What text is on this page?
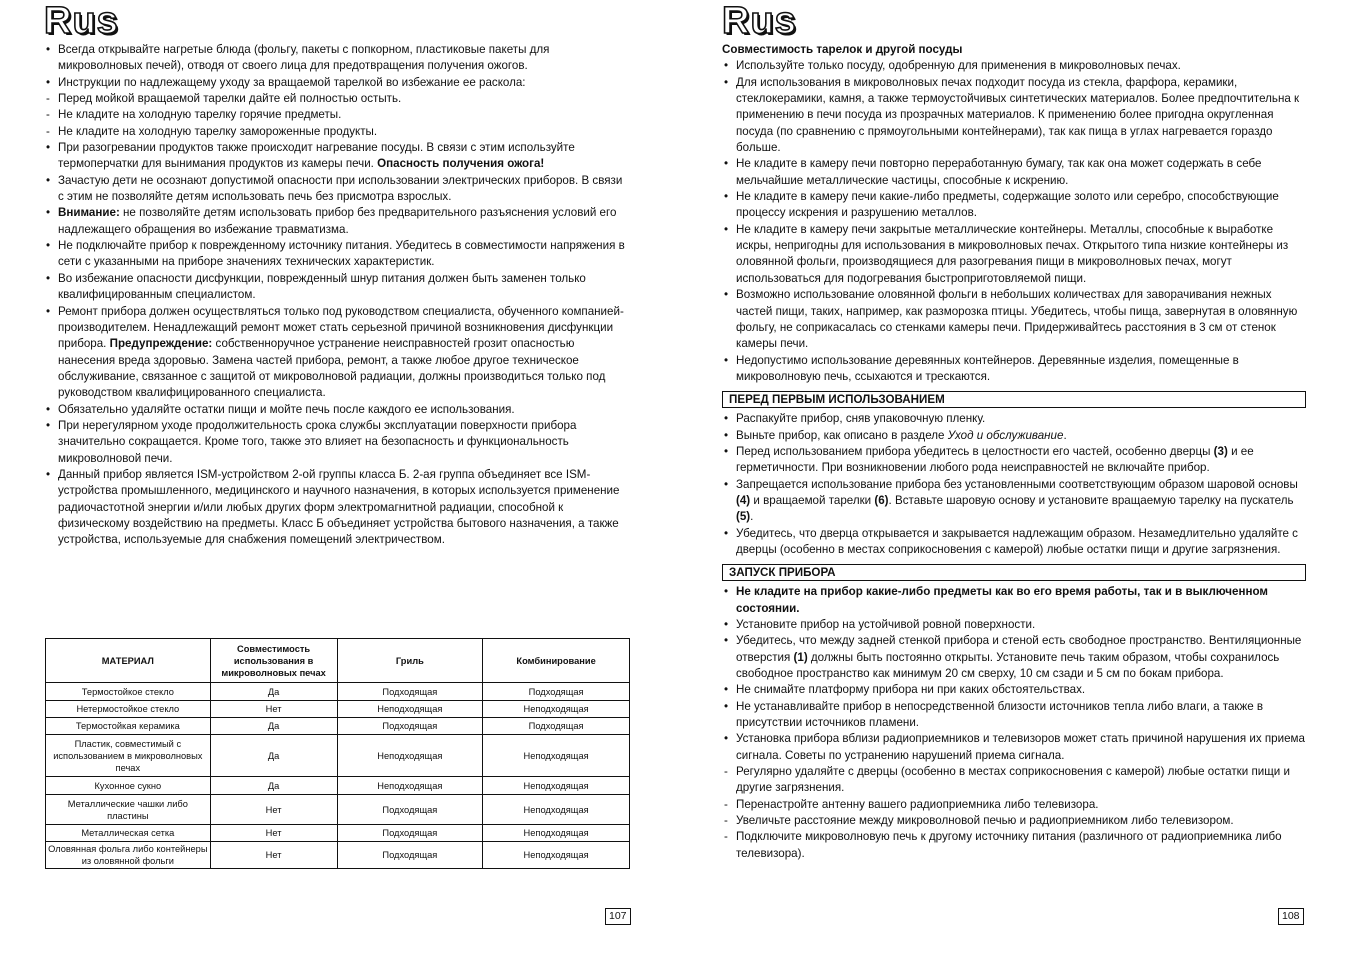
Rus

• Всегда открывайте нагретые блюда (фольгу, пакеты с попкорном, пластиковые пакеты для микроволновых печей), отводя от своего лица для предотвращения получения ожогов.

• Инструкции по надлежащему уходу за вращаемой тарелкой во избежание ее раскола:

- Перед мойкой вращаемой тарелки дайте ей полностью остыть.

- Не кладите на холодную тарелку горячие предметы.

- Не кладите на холодную тарелку замороженные продукты.

• При разогревании продуктов также происходит нагревание посуды. В связи с этим используйте термоперчатки для вынимания продуктов из камеры печи. Опасность получения ожога!

• Зачастую дети не осознают допустимой опасности при использовании электрических приборов. В связи с этим не позволяйте детям использовать печь без присмотра взрослых.

• Внимание: не позволяйте детям использовать прибор без предварительного разъяснения условий его надлежащего обращения во избежание травматизма.

• Не подключайте прибор к поврежденному источнику питания. Убедитесь в совместимости напряжения в сети с указанными на приборе значениях технических характеристик.

• Во избежание опасности дисфункции, поврежденный шнур питания должен быть заменен только квалифицированным специалистом.

• Ремонт прибора должен осуществляться только под руководством специалиста, обученного компанией-производителем. Ненадлежащий ремонт может стать серьезной причиной возникновения дисфункции прибора. Предупреждение: собственноручное устранение неисправностей грозит опасностью нанесения вреда здоровью. Замена частей прибора, ремонт, а также любое другое техническое обслуживание, связанное с защитой от микроволновой радиации, должны производиться только под руководством квалифицированного специалиста.

• Обязательно удаляйте остатки пищи и мойте печь после каждого ее использования.

• При нерегулярном уходе продолжительность срока службы эксплуатации поверхности прибора значительно сокращается. Кроме того, также это влияет на безопасность и функциональность микроволновой печи.

• Данный прибор является ISM-устройством 2-ой группы класса Б. 2-ая группа объединяет все ISM-устройства промышленного, медицинского и научного назначения, в которых используется применение радиочастотной энергии и/или любых других форм электромагнитной радиации, способной к физическому воздействию на предметы. Класс Б объединяет устройства бытового назначения, а также устройства, используемые для снабжения помещений электричеством.

МАТЕРИАЛ	Совместимость использования в микроволновых печах	Гриль	Комбинирование
Термостойкое стекло	Да	Подходящая	Подходящая
Нетермостойкое стекло	Нет	Неподходящая	Неподходящая
Термостойкая керамика	Да	Подходящая	Подходящая
Пластик, совместимый с использованием в микроволновых печах	Да	Неподходящая	Неподходящая
Кухонное сукно	Да	Неподходящая	Неподходящая
Металлические чашки либо пластины	Нет	Подходящая	Неподходящая
Металлическая сетка	Нет	Подходящая	Неподходящая
Оловянная фольга либо контейнеры из оловянной фольги	Нет	Подходящая	Неподходящая
107
Rus
Совместимость тарелок и другой посуды

• Используйте только посуду, одобренную для применения в микроволновых печах.

• Для использования в микроволновых печах подходит посуда из стекла, фарфора, керамики, стеклокерамики, камня, а также термоустойчивых синтетических материалов. Более предпочтительна к применению в печи посуда из прозрачных материалов. К применению более пригодна округленная посуда (по сравнению с прямоугольными контейнерами), так как пища в углах нагревается гораздо больше.

• Не кладите в камеру печи повторно переработанную бумагу, так как она может содержать в себе мельчайшие металлические частицы, способные к искрению.

• Не кладите в камеру печи какие-либо предметы, содержащие золото или серебро, способствующие процессу искрения и разрушению металлов.

• Не кладите в камеру печи закрытые металлические контейнеры. Металлы, способные к выработке искры, непригодны для использования в микроволновых печах. Открытого типа низкие контейнеры из оловянной фольги, производящиеся для разогревания пищи в микроволновых печах, могут использоваться для подогревания быстроприготовляемой пищи.

• Возможно использование оловянной фольги в небольших количествах для заворачивания нежных частей пищи, таких, например, как разморозка птицы. Убедитесь, чтобы пища, завернутая в оловянную фольгу, не соприкасалась со стенками камеры печи. Придерживайтесь расстояния в 3 см от стенок камеры печи.

• Недопустимо использование деревянных контейнеров. Деревянные изделия, помещенные в микроволновую печь, ссыхаются и трескаются.

ПЕРЕД ПЕРВЫМ ИСПОЛЬЗОВАНИЕМ

• Распакуйте прибор, сняв упаковочную пленку.

• Выньте прибор, как описано в разделе Уход и обслуживание.

• Перед использованием прибора убедитесь в целостности его частей, особенно дверцы (3) и ее герметичности. При возникновении любого рода неисправностей не включайте прибор.

• Запрещается использование прибора без установленными соответствующим образом шаровой основы (4) и вращаемой тарелки (6). Вставьте шаровую основу и установите вращаемую тарелку на пускатель (5).

• Убедитесь, что дверца открывается и закрывается надлежащим образом. Незамедлительно удаляйте с дверцы (особенно в местах соприкосновения с камерой) любые остатки пищи и другие загрязнения.

ЗАПУСК ПРИБОРА

• Не кладите на прибор какие-либо предметы как во его время работы, так и в выключенном состоянии.

• Установите прибор на устойчивой ровной поверхности.

• Убедитесь, что между задней стенкой прибора и стеной есть свободное пространство. Вентиляционные отверстия (1) должны быть постоянно открыты. Установите печь таким образом, чтобы сохранилось свободное пространство как минимум 20 см сверху, 10 см сзади и 5 см по бокам прибора.

• Не снимайте платформу прибора ни при каких обстоятельствах.

• Не устанавливайте прибор в непосредственной близости источников тепла либо влаги, а также в присутствии источников пламени.

• Установка прибора вблизи радиоприемников и телевизоров может стать причиной нарушения их приема сигнала. Советы по устранению нарушений приема сигнала.

- Регулярно удаляйте с дверцы (особенно в местах соприкосновения с камерой) любые остатки пищи и другие загрязнения.

- Перенастройте антенну вашего радиоприемника либо телевизора.

- Увеличьте расстояние между микроволновой печью и радиоприемником либо телевизором.

- Подключите микроволновую печь к другому источнику питания (различного от радиоприемника либо телевизора).

108
